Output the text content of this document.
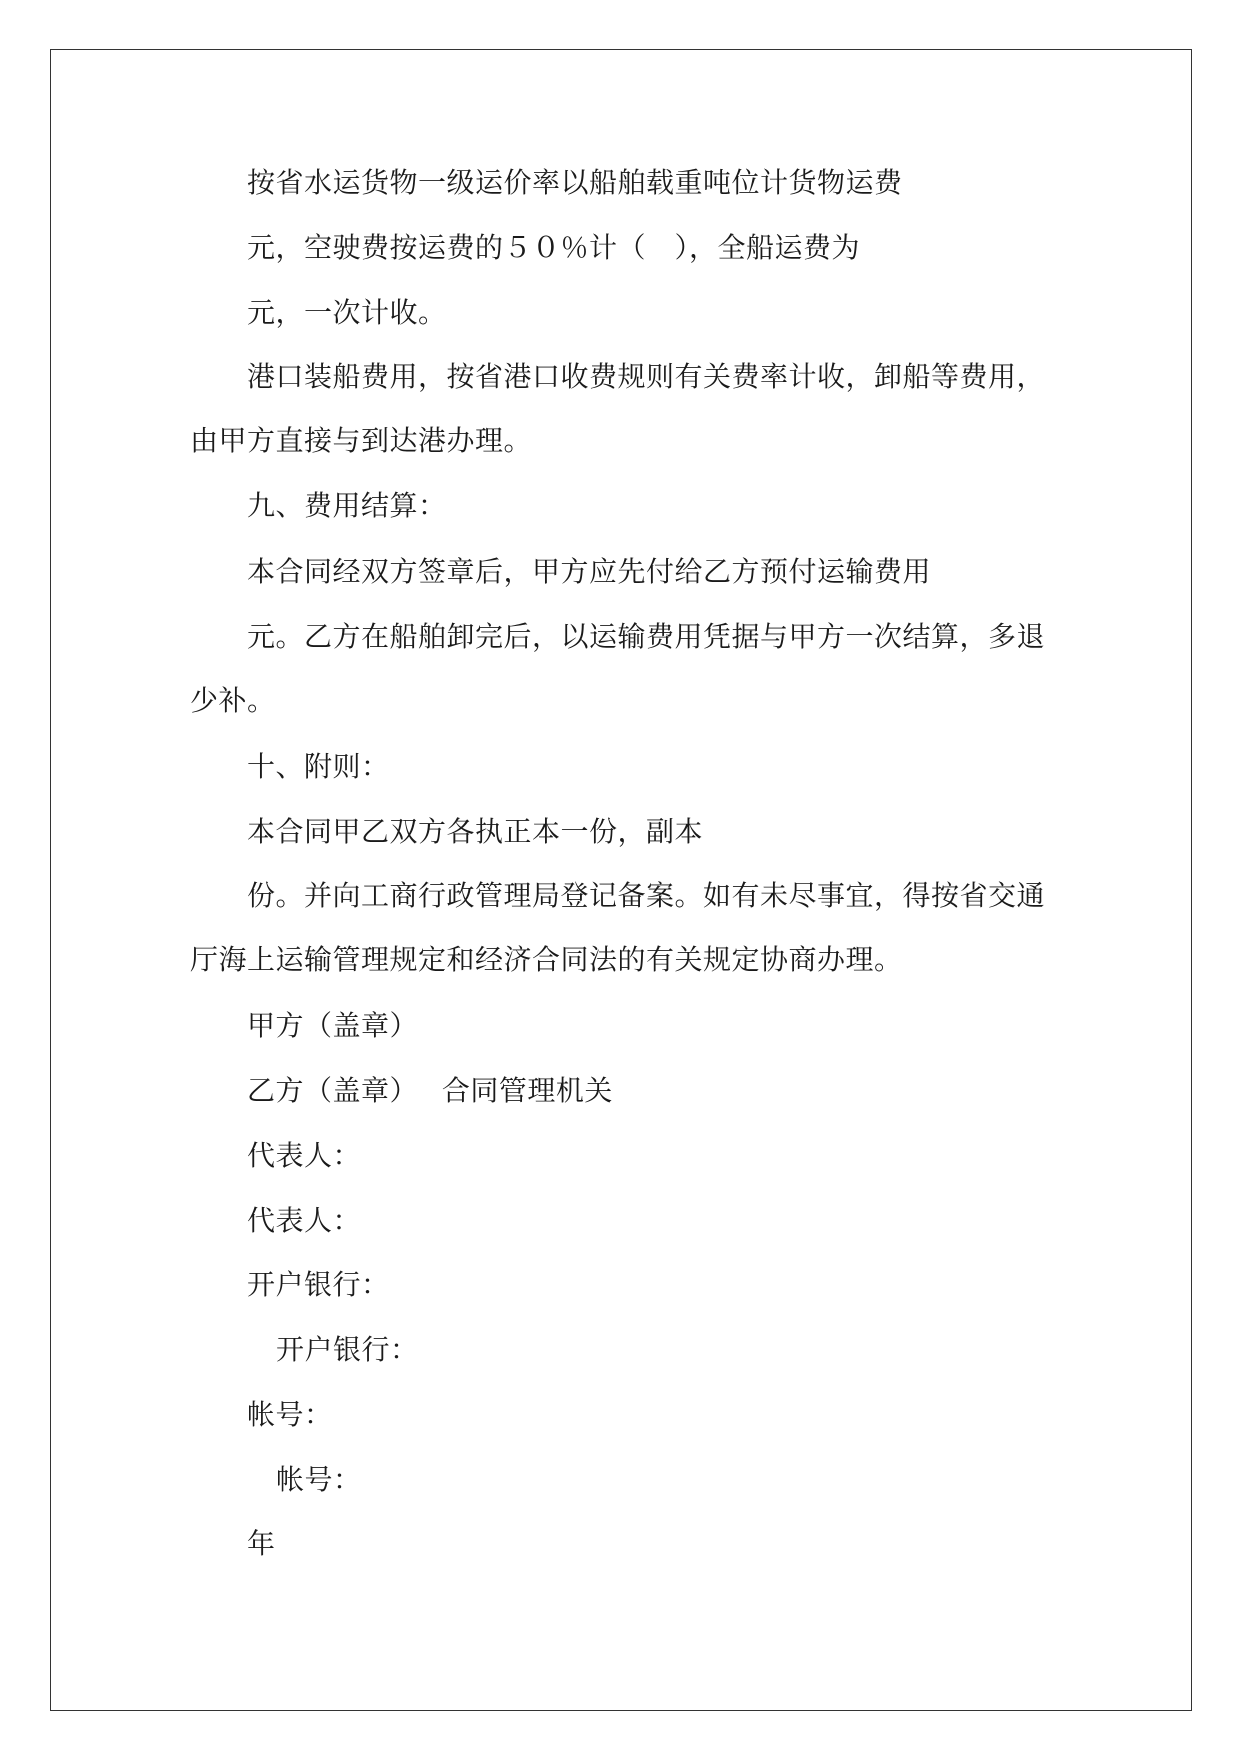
按省水运货物一级运价率以船舶载重吨位计货物运费
元，空驶费按运费的５０％计（　），全船运费为
元，一次计收。
港口装船费用，按省港口收费规则有关费率计收，卸船等费用，
由甲方直接与到达港办理。
九、费用结算：
本合同经双方签章后，甲方应先付给乙方预付运输费用
元。乙方在船舶卸完后，以运输费用凭据与甲方一次结算，多退
少补。
十、附则：
本合同甲乙双方各执正本一份，副本
份。并向工商行政管理局登记备案。如有未尽事宜，得按省交通
厅海上运输管理规定和经济合同法的有关规定协商办理。
甲方（盖章）
乙方（盖章）　 合同管理机关
代表人：
代表人：
开户银行：
开户银行：
帐号：
帐号：
年
